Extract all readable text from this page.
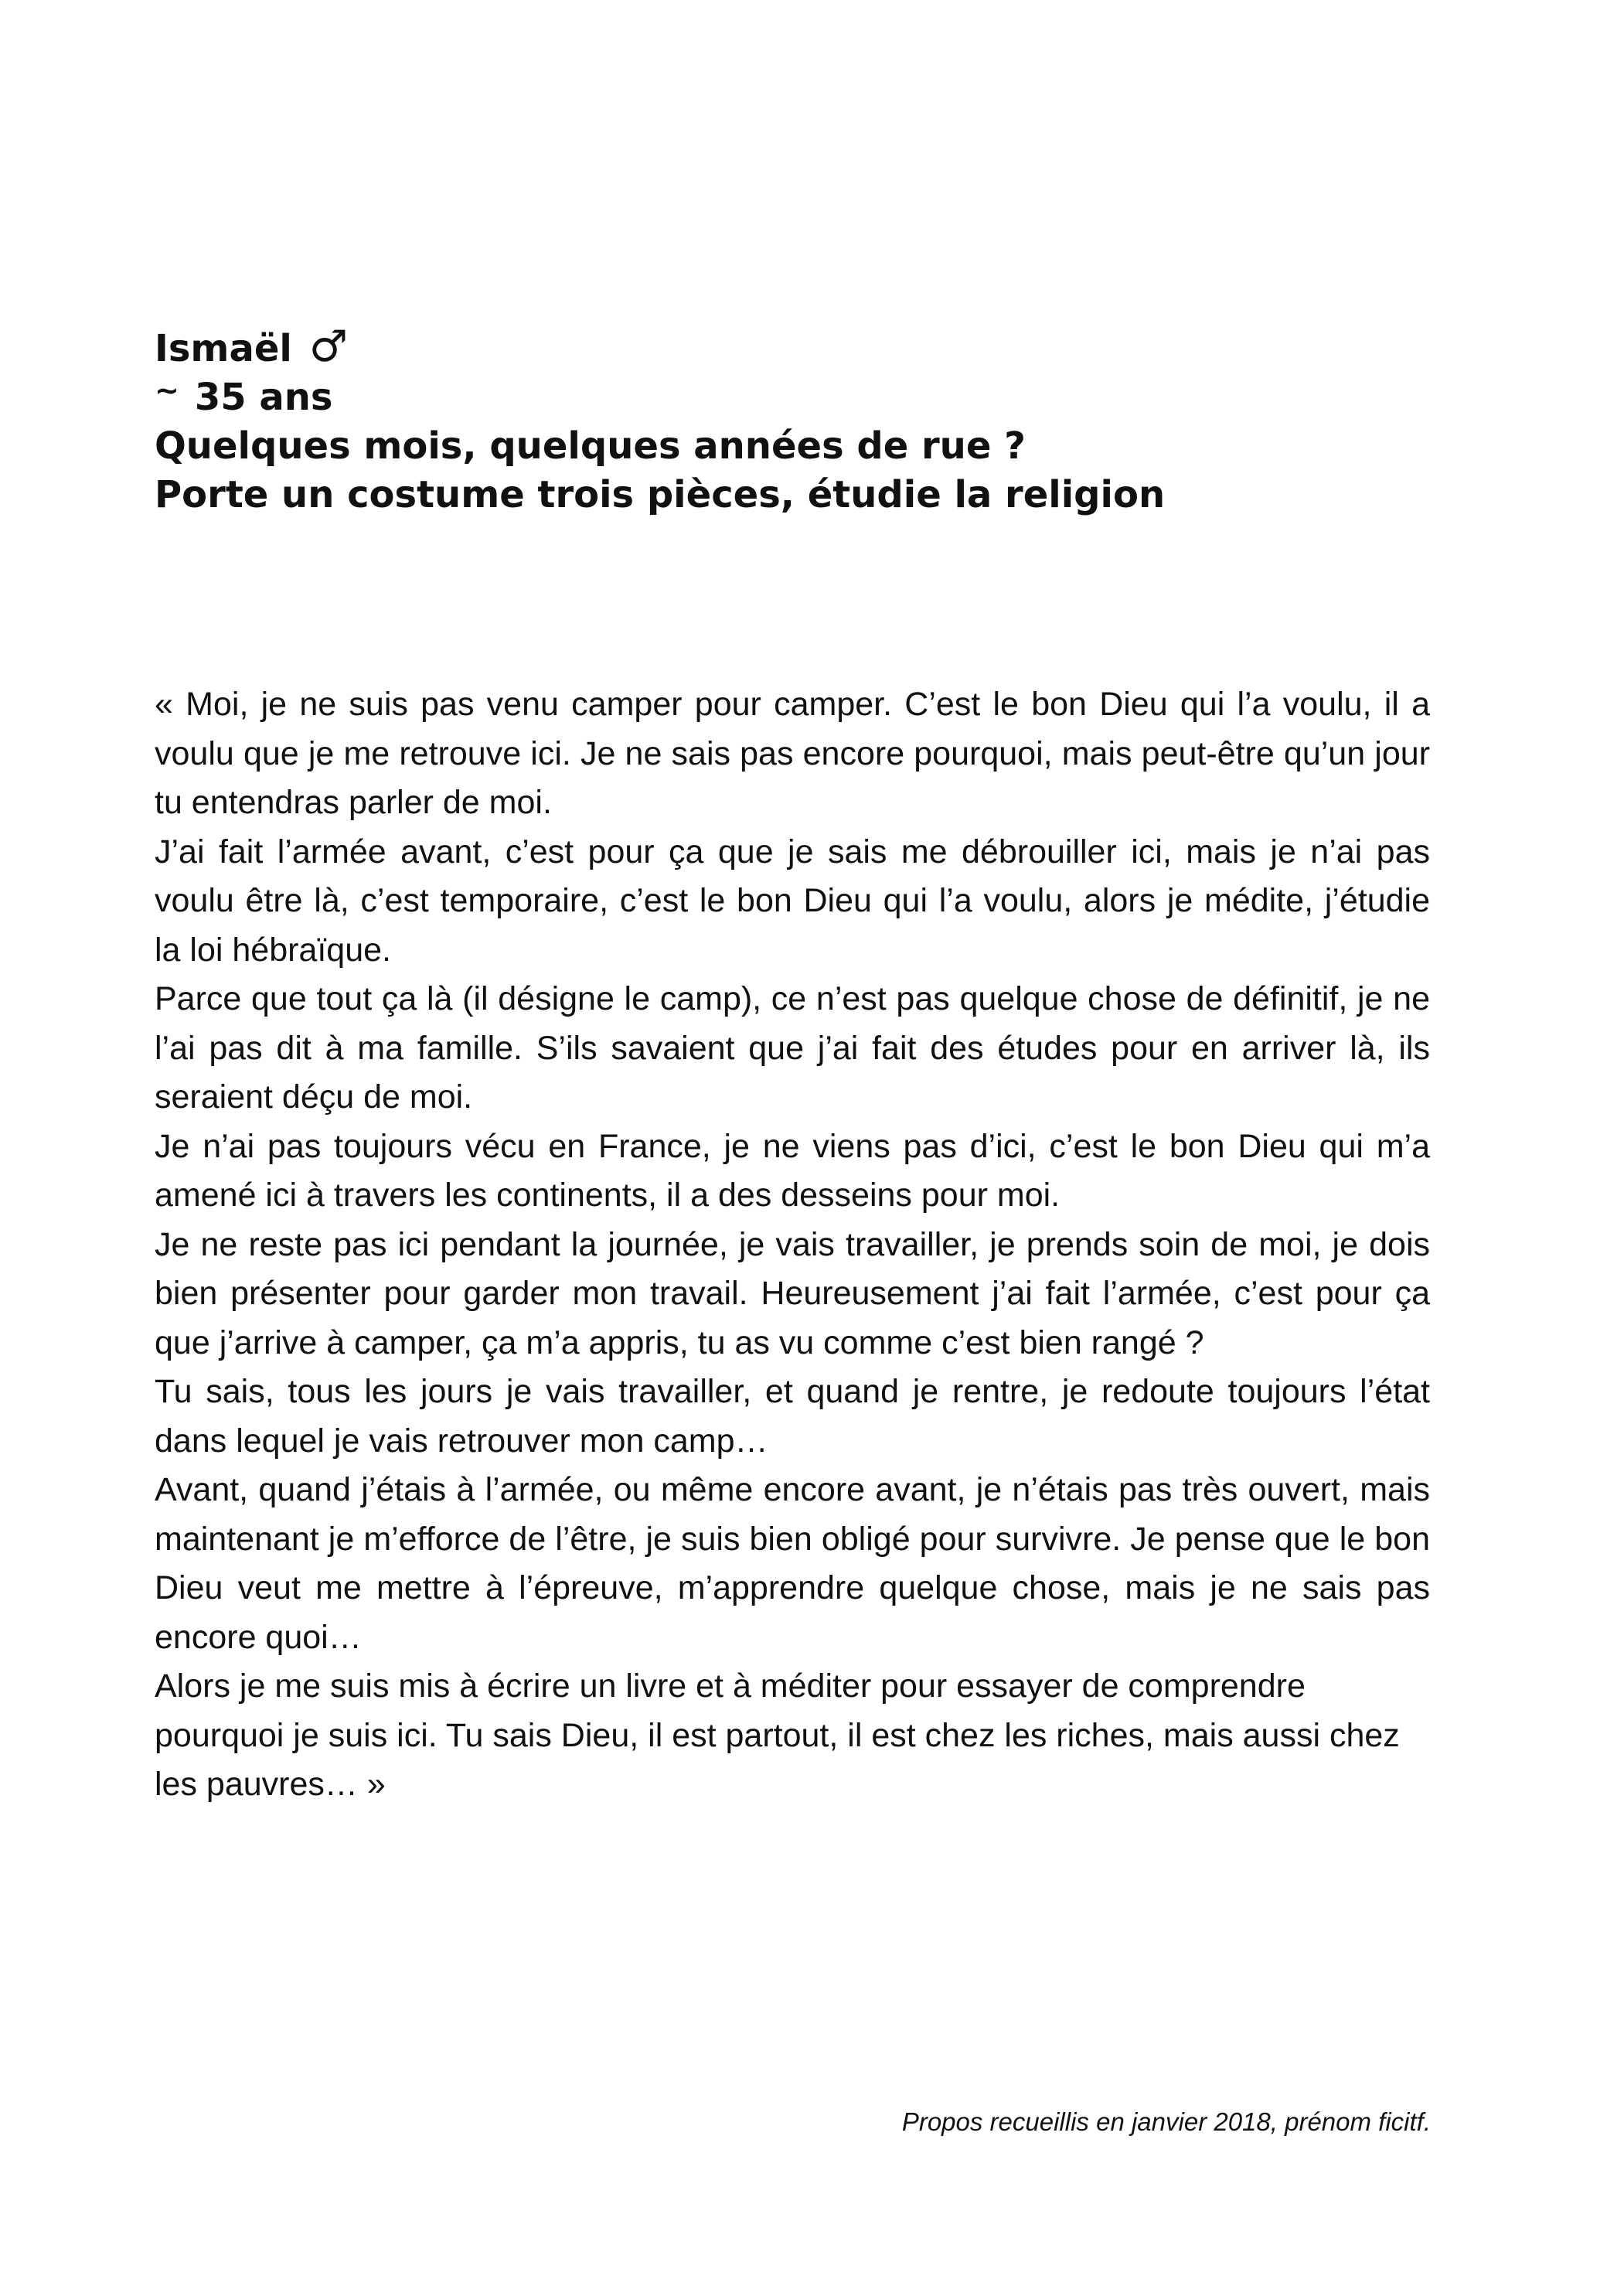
Ismaël ♂
~ 35 ans
Quelques mois, quelques années de rue ?
Porte un costume trois pièces, étudie la religion

« Moi, je ne suis pas venu camper pour camper. C’est le bon Dieu qui l’a voulu, il a voulu que je me retrouve ici. Je ne sais pas encore pourquoi, mais peut-être qu’un jour tu entendras parler de moi.

J’ai fait l’armée avant, c’est pour ça que je sais me débrouiller ici, mais je n’ai pas voulu être là, c’est temporaire, c’est le bon Dieu qui l’a voulu, alors je médite, j’étudie la loi hébraïque.

Parce que tout ça là (il désigne le camp), ce n’est pas quelque chose de définitif, je ne l’ai pas dit à ma famille. S’ils savaient que j’ai fait des études pour en arriver là, ils seraient déçu de moi.

Je n’ai pas toujours vécu en France, je ne viens pas d’ici, c’est le bon Dieu qui m’a amené ici à travers les continents, il a des desseins pour moi.

Je ne reste pas ici pendant la journée, je vais travailler, je prends soin de moi, je dois bien présenter pour garder mon travail. Heureusement j’ai fait l’armée, c’est pour ça que j’arrive à camper, ça m’a appris, tu as vu comme c’est bien rangé ?

Tu sais, tous les jours je vais travailler, et quand je rentre, je redoute toujours l’état dans lequel je vais retrouver mon camp…

Avant, quand j’étais à l’armée, ou même encore avant, je n’étais pas très ouvert, mais maintenant je m’efforce de l’être, je suis bien obligé pour survivre. Je pense que le bon Dieu veut me mettre à l’épreuve, m’apprendre quelque chose, mais je ne sais pas encore quoi…

Alors je me suis mis à écrire un livre et à méditer pour essayer de comprendre pourquoi je suis ici. Tu sais Dieu, il est partout, il est chez les riches, mais aussi chez les pauvres… »

Propos recueillis en janvier 2018, prénom ficitf.
